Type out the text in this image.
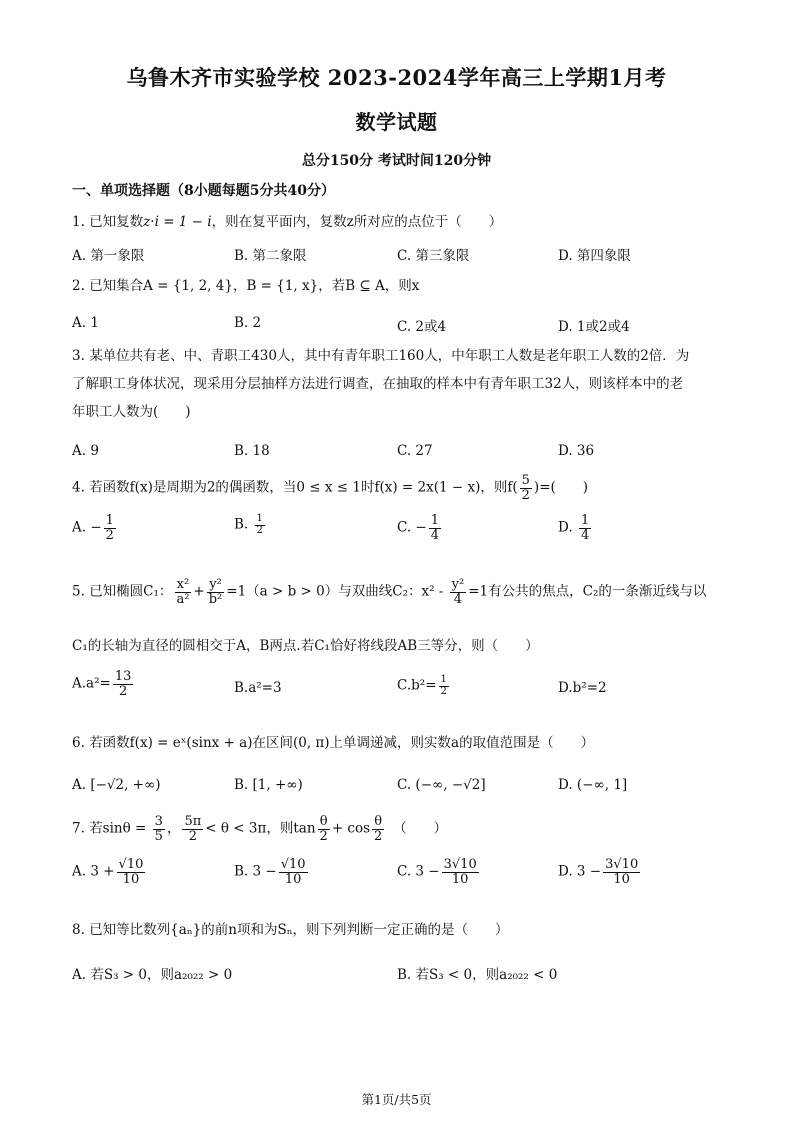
乌鲁木齐市实验学校 2023-2024学年高三上学期1月考
数学试题
总分150分 考试时间120分钟
一、单项选择题（8小题每题5分共40分）
1. 已知复数z·i = 1 − i，则在复平面内，复数z所对应的点位于（　　）
A. 第一象限	B. 第二象限	C. 第三象限	D. 第四象限
2. 已知集合A = {1, 2, 4}，B = {1, x}，若B ⊆ A，则x
A. 1	B. 2	C. 2或4	D. 1或2或4
3. 某单位共有老、中、青职工430人，其中有青年职工160人，中年职工人数是老年职工人数的2倍．为
了解职工身体状况，现采用分层抽样方法进行调查，在抽取的样本中有青年职工32人，则该样本中的老
年职工人数为(　　)
A. 9	B. 18	C. 27	D. 36
4. 若函数f(x)是周期为2的偶函数，当0 ≤ x ≤ 1时f(x) = 2x(1 − x)，则$f( \frac{5}{2}$ )=(　　)
A. − $\frac{1}{2}$	B. $\frac{1}{2}$	C. − $\frac{1}{4}$	D. $\frac{1}{4}$
5. 已知椭圆C₁： $\frac{\text{x²}}{\text{a²}} + \frac{\text{y²}}{\text{b²}} =1(a > b > 0)$与双曲线C₂：$x^2 - \frac{\text{y²}}{4} =1$有公共的焦点，C₂的一条渐近线与以
C₁的长轴为直径的圆相交于A，B两点.若C₁恰好将线段AB三等分，则（　　）
$A.a^2= \frac{13}{2}$	B.a²=3	$C.b^2= \frac{1}{2}$	D.b²=2
6. 若函数f(x) = eˣ(sinx + a)在区间(0, π)上单调递减，则实数a的取值范围是（　　）
A. [−√2, +∞)	B. [1, +∞)	C. (−∞, −√2]	D. (−∞, 1]
7. 若$\sin\theta = \frac{3}{5}$ ， $\frac{5\pi}{2} < \theta < 3\pi$，则$\tan \frac{\theta}{2} + \cos \frac{\theta}{2}$
　 （　　）
A. $3 + \frac{√10}{10}$	B. $3 - \frac{√10}{10}$	C. $3 - \frac{3√10}{10}$	D. $3 - \frac{3√10}{10}$
8. 已知等比数列{aₙ}的前n项和为Sₙ，则下列判断一定正确的是（　　）
A. 若S₃ > 0，则a₂₀₂₂ > 0	B. 若S₃ < 0，则a₂₀₂₂ < 0
第1页/共5页
